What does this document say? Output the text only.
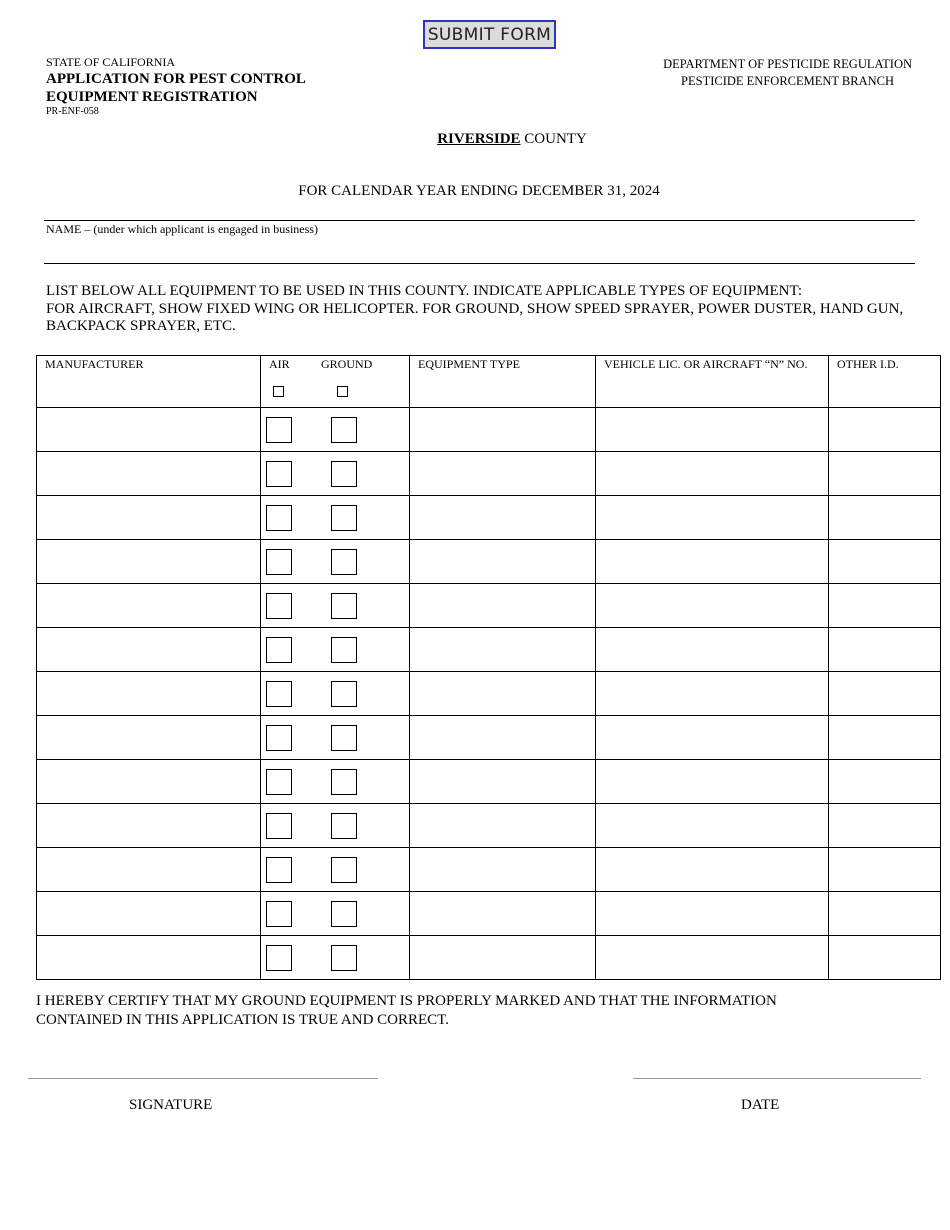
SUBMIT FORM
STATE OF CALIFORNIA
APPLICATION FOR PEST CONTROL
EQUIPMENT REGISTRATION
PR-ENF-058
DEPARTMENT OF PESTICIDE REGULATION
PESTICIDE ENFORCEMENT BRANCH
RIVERSIDE COUNTY
FOR CALENDAR YEAR ENDING DECEMBER 31, 2024
NAME – (under which applicant is engaged in business)
LIST BELOW ALL EQUIPMENT TO BE USED IN THIS COUNTY. INDICATE APPLICABLE TYPES OF EQUIPMENT:
FOR AIRCRAFT, SHOW FIXED WING OR HELICOPTER. FOR GROUND, SHOW SPEED SPRAYER, POWER DUSTER, HAND GUN, BACKPACK SPRAYER, ETC.
MANUFACTURER	AIR GROUND	EQUIPMENT TYPE	VEHICLE LIC. OR AIRCRAFT “N” NO.	OTHER I.D.

I HEREBY CERTIFY THAT MY GROUND EQUIPMENT IS PROPERLY MARKED AND THAT THE INFORMATION
CONTAINED IN THIS APPLICATION IS TRUE AND CORRECT.
SIGNATURE	DATE
